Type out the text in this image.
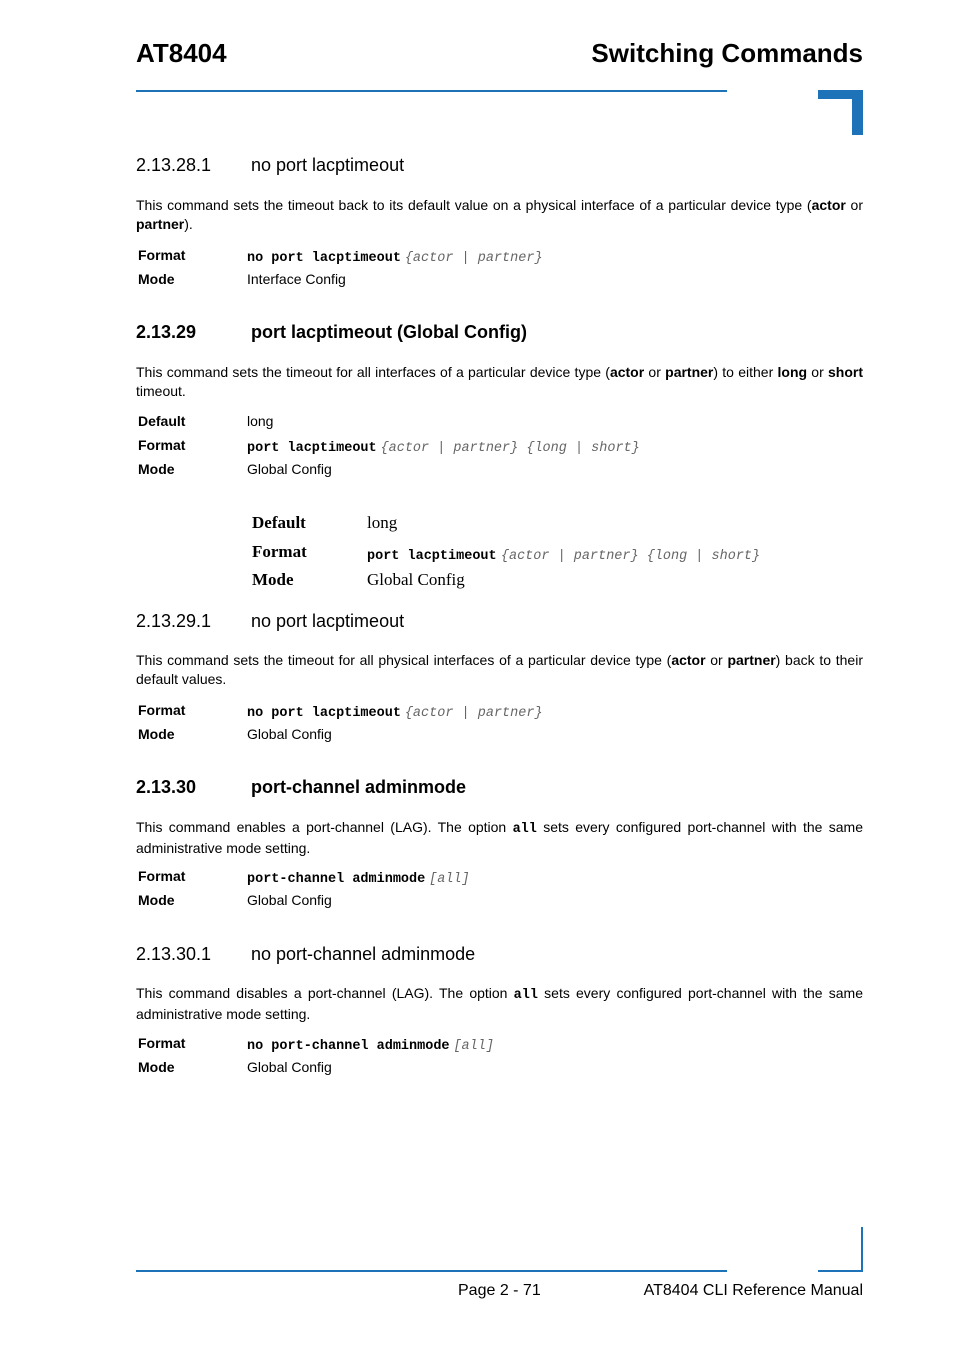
AT8404	Switching Commands
2.13.28.1 no port lacptimeout
This command sets the timeout back to its default value on a physical interface of a particular device type (actor or partner).
Format	no port lacptimeout {actor | partner}
Mode	Interface Config
2.13.29	port lacptimeout (Global Config)
This command sets the timeout for all interfaces of a particular device type (actor or partner) to either long or short timeout.
Default	long
Format	port lacptimeout {actor | partner} {long | short}
Mode	Global Config
Default	long
Format	port lacptimeout {actor | partner} {long | short}
Mode	Global Config
2.13.29.1 no port lacptimeout
This command sets the timeout for all physical interfaces of a particular device type (actor or partner) back to their default values.
Format	no port lacptimeout {actor | partner}
Mode	Global Config
2.13.30	port-channel adminmode
This command enables a port-channel (LAG). The option all sets every configured port-channel with the same administrative mode setting.
Format	port-channel adminmode [all]
Mode	Global Config
2.13.30.1 no port-channel adminmode
This command disables a port-channel (LAG). The option all sets every configured port-channel with the same administrative mode setting.
Format	no port-channel adminmode [all]
Mode	Global Config
Page 2 - 71	AT8404 CLI Reference Manual
